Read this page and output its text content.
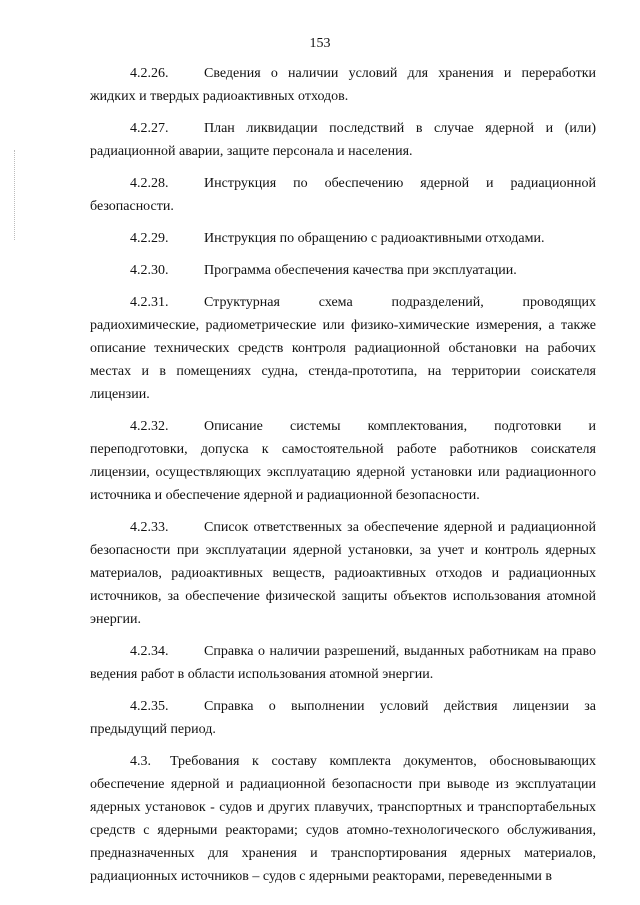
153

4.2.26.	Сведения о наличии условий для хранения и переработки жидких и твердых радиоактивных отходов.

4.2.27.	План ликвидации последствий в случае ядерной и (или) радиационной аварии, защите персонала и населения.

4.2.28.	Инструкция по обеспечению ядерной и радиационной безопасности.

4.2.29.	Инструкция по обращению с радиоактивными отходами.

4.2.30.	Программа обеспечения качества при эксплуатации.

4.2.31.	Структурная схема подразделений, проводящих радиохимические, радиометрические или физико-химические измерения, а также описание технических средств контроля радиационной обстановки на рабочих местах и в помещениях судна, стенда-прототипа, на территории соискателя лицензии.

4.2.32.	Описание системы комплектования, подготовки и переподготовки, допуска к самостоятельной работе работников соискателя лицензии, осуществляющих эксплуатацию ядерной установки или радиационного источника и обеспечение ядерной и радиационной безопасности.

4.2.33.	Список ответственных за обеспечение ядерной и радиационной безопасности при эксплуатации ядерной установки, за учет и контроль ядерных материалов, радиоактивных веществ, радиоактивных отходов и радиационных источников, за обеспечение физической защиты объектов использования атомной энергии.

4.2.34.	Справка о наличии разрешений, выданных работникам на право ведения работ в области использования атомной энергии.

4.2.35.	Справка о выполнении условий действия лицензии за предыдущий период.

4.3. Требования к составу комплекта документов, обосновывающих обеспечение ядерной и радиационной безопасности при выводе из эксплуатации ядерных установок - судов и других плавучих, транспортных и транспортабельных средств с ядерными реакторами; судов атомно-технологического обслуживания, предназначенных для хранения и транспортирования ядерных материалов, радиационных источников – судов с ядерными реакторами, переведенными в
